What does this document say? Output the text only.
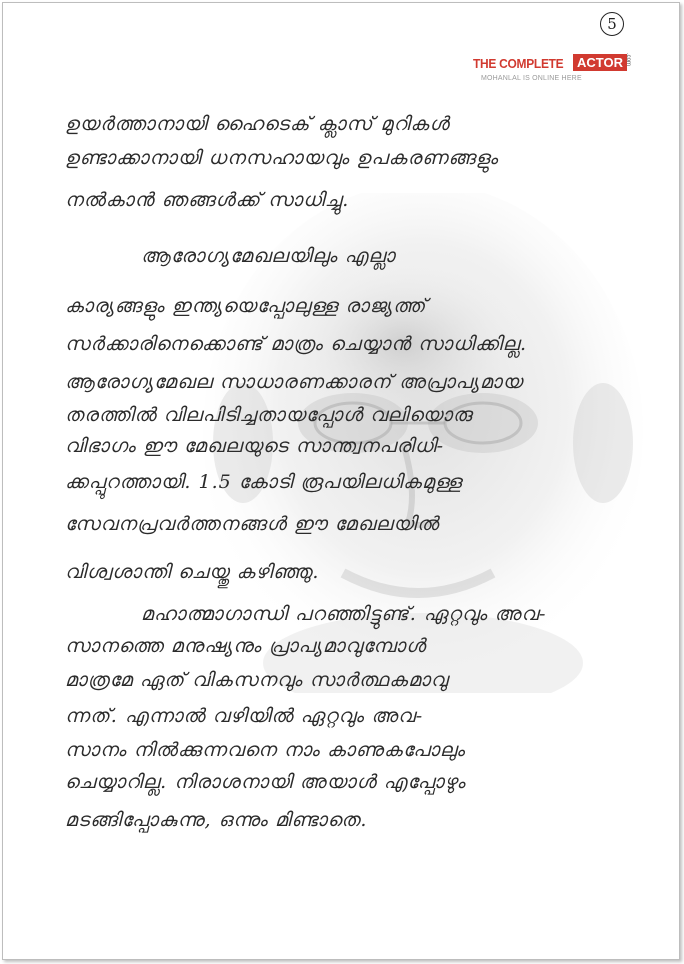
5
THE COMPLETE	ACTOR .com
MOHANLAL IS ONLINE HERE

ഉയർത്താനായി ഹൈടെക് ക്ലാസ് മുറികൾ

ഉണ്ടാക്കാനായി ധനസഹായവും ഉപകരണങ്ങളും

നൽകാൻ ഞങ്ങൾക്ക് സാധിച്ചു.

ആരോഗ്യമേഖലയിലും എല്ലാ

കാര്യങ്ങളും ഇന്ത്യയെപ്പോലുള്ള രാജ്യത്ത്

സർക്കാരിനെക്കൊണ്ട് മാത്രം ചെയ്യാൻ സാധിക്കില്ല.

ആരോഗ്യമേഖല സാധാരണക്കാരന് അപ്രാപ്യമായ

തരത്തിൽ വിലപിടിച്ചതായപ്പോൾ വലിയൊരു

വിഭാഗം ഈ മേഖലയുടെ സാന്ത്വനപരിധി-

ക്കപ്പുറത്തായി. 1.5 കോടി രൂപയിലധികമുള്ള

സേവനപ്രവർത്തനങ്ങൾ ഈ മേഖലയിൽ

വിശ്വശാന്തി ചെയ്തു കഴിഞ്ഞു.

മഹാത്മാഗാന്ധി പറഞ്ഞിട്ടുണ്ട്. ഏറ്റവും അവ-

സാനത്തെ മനുഷ്യനും പ്രാപ്യമാവുമ്പോൾ

മാത്രമേ ഏത് വികസനവും സാർത്ഥകമാവു

ന്നത്. എന്നാൽ വഴിയിൽ ഏറ്റവും അവ-

സാനം നിൽക്കുന്നവനെ നാം കാണുകപോലും

ചെയ്യാറില്ല. നിരാശനായി അയാൾ എപ്പോഴും

മടങ്ങിപ്പോകുന്നു, ഒന്നും മിണ്ടാതെ.
